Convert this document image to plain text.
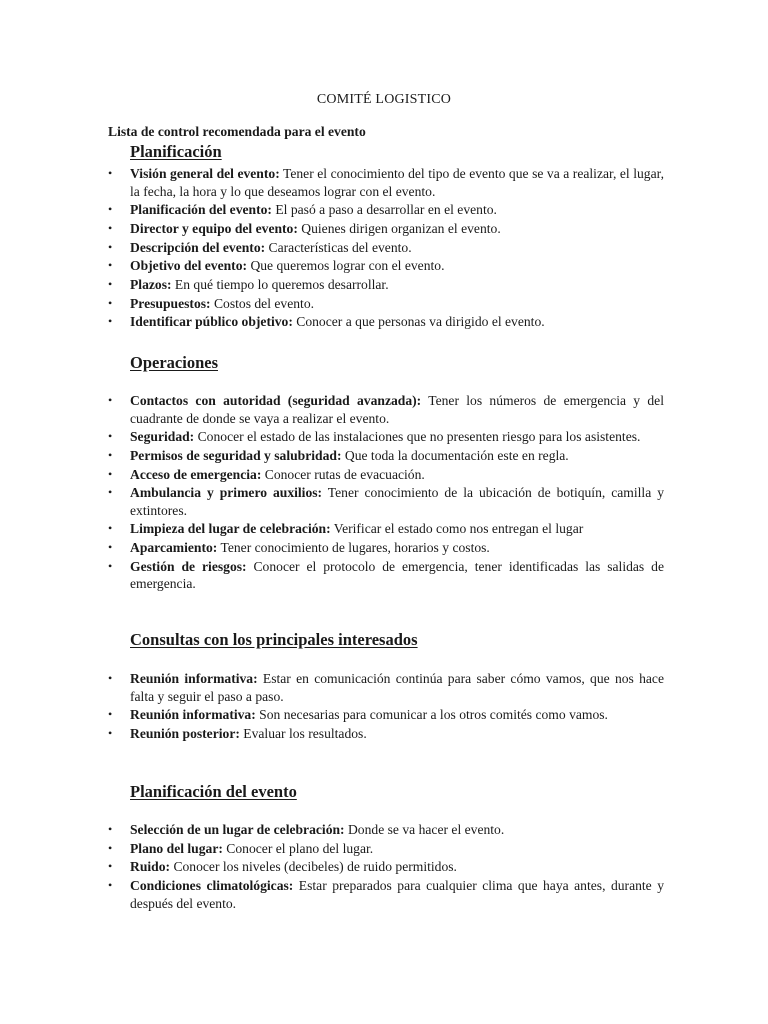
COMITÉ LOGISTICO
Lista de control recomendada para el evento
Planificación
• Visión general del evento: Tener el conocimiento del tipo de evento que se va a realizar, el lugar, la fecha, la hora y lo que deseamos lograr con el evento.
• Planificación del evento: El pasó a paso a desarrollar en el evento.
• Director y equipo del evento: Quienes dirigen organizan el evento.
• Descripción del evento: Características del evento.
• Objetivo del evento: Que queremos lograr con el evento.
• Plazos: En qué tiempo lo queremos desarrollar.
• Presupuestos: Costos del evento.
• Identificar público objetivo: Conocer a que personas va dirigido el evento.
Operaciones
• Contactos con autoridad (seguridad avanzada): Tener los números de emergencia y del cuadrante de donde se vaya a realizar el evento.
• Seguridad: Conocer el estado de las instalaciones que no presenten riesgo para los asistentes.
• Permisos de seguridad y salubridad: Que toda la documentación este en regla.
• Acceso de emergencia: Conocer rutas de evacuación.
• Ambulancia y primero auxilios: Tener conocimiento de la ubicación de botiquín, camilla y extintores.
• Limpieza del lugar de celebración: Verificar el estado como nos entregan el lugar
• Aparcamiento: Tener conocimiento de lugares, horarios y costos.
• Gestión de riesgos: Conocer el protocolo de emergencia, tener identificadas las salidas de emergencia.
Consultas con los principales interesados
• Reunión informativa: Estar en comunicación continúa para saber cómo vamos, que nos hace falta y seguir el paso a paso.
• Reunión informativa: Son necesarias para comunicar a los otros comités como vamos.
• Reunión posterior: Evaluar los resultados.
Planificación del evento
• Selección de un lugar de celebración: Donde se va hacer el evento.
• Plano del lugar: Conocer el plano del lugar.
• Ruido: Conocer los niveles (decibeles) de ruido permitidos.
• Condiciones climatológicas: Estar preparados para cualquier clima que haya antes, durante y después del evento.
